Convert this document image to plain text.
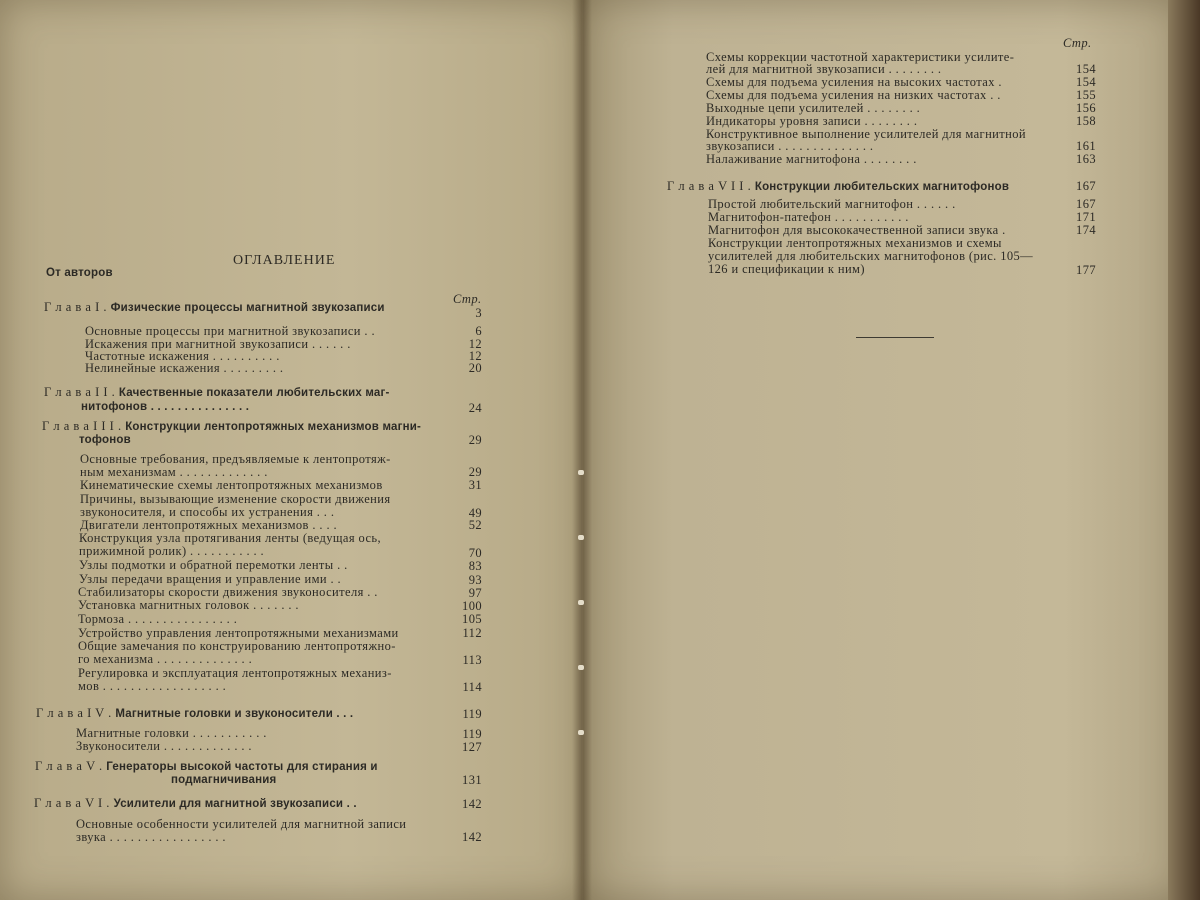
ОГЛАВЛЕНИЕ
От авторов
Стр.
Г л а в а I . Физические процессы магнитной звукозаписи	3
Основные процессы при магнитной звукозаписи . .	6
Искажения при магнитной звукозаписи . . . . . .	12
Частотные искажения . . . . . . . . . .	12
Нелинейные искажения . . . . . . . . .	20
Г л а в а I I . Качественные показатели любительских маг-
нитофонов . . . . . . . . . . . . . . .	24
Г л а в а I I I . Конструкции лентопротяжных механизмов магни-
тофонов	29
Основные требования, предъявляемые к лентопротяж-
ным механизмам . . . . . . . . . . . . .	29
Кинематические схемы лентопротяжных механизмов	31
Причины, вызывающие изменение скорости движения
звуконосителя, и способы их устранения . . .	49
Двигатели лентопротяжных механизмов . . . .	52
Конструкция узла протягивания ленты (ведущая ось,
прижимной ролик) . . . . . . . . . . .	70
Узлы подмотки и обратной перемотки ленты . .	83
Узлы передачи вращения и управление ими . .	93
Стабилизаторы скорости движения звуконосителя . .	97
Установка магнитных головок . . . . . . .	100
Тормоза . . . . . . . . . . . . . . . .	105
Устройство управления лентопротяжными механизмами	112
Общие замечания по конструированию лентопротяжно-
го механизма . . . . . . . . . . . . . .	113
Регулировка и эксплуатация лентопротяжных механиз-
мов . . . . . . . . . . . . . . . . . .	114
Г л а в а I V . Магнитные головки и звуконосители . . .	119
Магнитные головки . . . . . . . . . . .	119
Звуконосители . . . . . . . . . . . . .	127
Г л а в а V . Генераторы высокой частоты для стирания и
подмагничивания	131
Г л а в а V I . Усилители для магнитной звукозаписи . .	142
Основные особенности усилителей для магнитной записи
звука . . . . . . . . . . . . . . . . .	142
Стр.
Схемы коррекции частотной характеристики усилите-
лей для магнитной звукозаписи . . . . . . . .	154
Схемы для подъема усиления на высоких частотах .	154
Схемы для подъема усиления на низких частотах . .	155
Выходные цепи усилителей . . . . . . . .	156
Индикаторы уровня записи . . . . . . . .	158
Конструктивное выполнение усилителей для магнитной
звукозаписи . . . . . . . . . . . . . .	161
Налаживание магнитофона . . . . . . . .	163
Г л а в а V I I . Конструкции любительских магнитофонов	167
Простой любительский магнитофон . . . . . .	167
Магнитофон-патефон . . . . . . . . . . .	171
Магнитофон для высококачественной записи звука .	174
Конструкции лентопротяжных механизмов и схемы
усилителей для любительских магнитофонов (рис. 105—
126 и спецификации к ним)	177
